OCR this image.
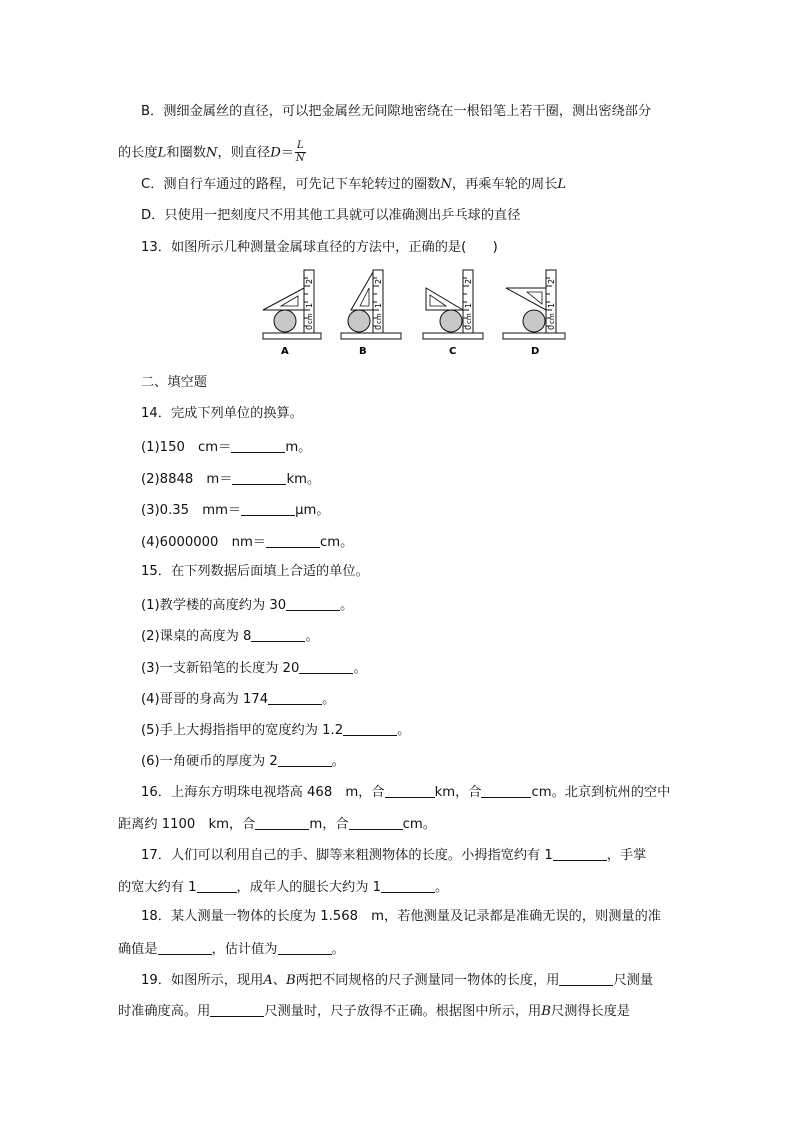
B．测细金属丝的直径，可以把金属丝无间隙地密绕在一根铅笔上若干圈，测出密绕部分
的长度L和圈数N，则直径$D= \frac{L}{N}$
C．测自行车通过的路程，可先记下车轮转过的圈数N，再乘车轮的周长L
D．只使用一把刻度尺不用其他工具就可以准确测出乒乓球的直径
13．如图所示几种测量金属球直径的方法中，正确的是(　　)
2
1
0
cm
A
2
1
0
cm
B
2
1
0
cm
C
2
1
0
cm
D
二、填空题
14．完成下列单位的换算。
(1)150　cm＝	m。
(2)8848　m＝	km。
(3)0.35　mm＝	μm。
(4)6000000　nm＝	cm。
15．在下列数据后面填上合适的单位。
(1)教学楼的高度约为 30	。
(2)课桌的高度为 8	。
(3)一支新铅笔的长度为 20	。
(4)哥哥的身高为 174	。
(5)手上大拇指指甲的宽度约为 1.2	。
(6)一角硬币的厚度为 2	。
16．上海东方明珠电视塔高 468　m，合	km，合	cm。北京到杭州的空中
距离约 1100　km，合	m，合	cm。
17．人们可以利用自己的手、脚等来粗测物体的长度。小拇指宽约有 1	，手掌
的宽大约有 1	，成年人的腿长大约为 1	。
18．某人测量一物体的长度为 1.568　m，若他测量及记录都是准确无误的，则测量的准
确值是	，估计值为	。
19．如图所示，现用A、B两把不同规格的尺子测量同一物体的长度，用	尺测量
时准确度高。用	尺测量时，尺子放得不正确。根据图中所示，用B尺测得长度是
